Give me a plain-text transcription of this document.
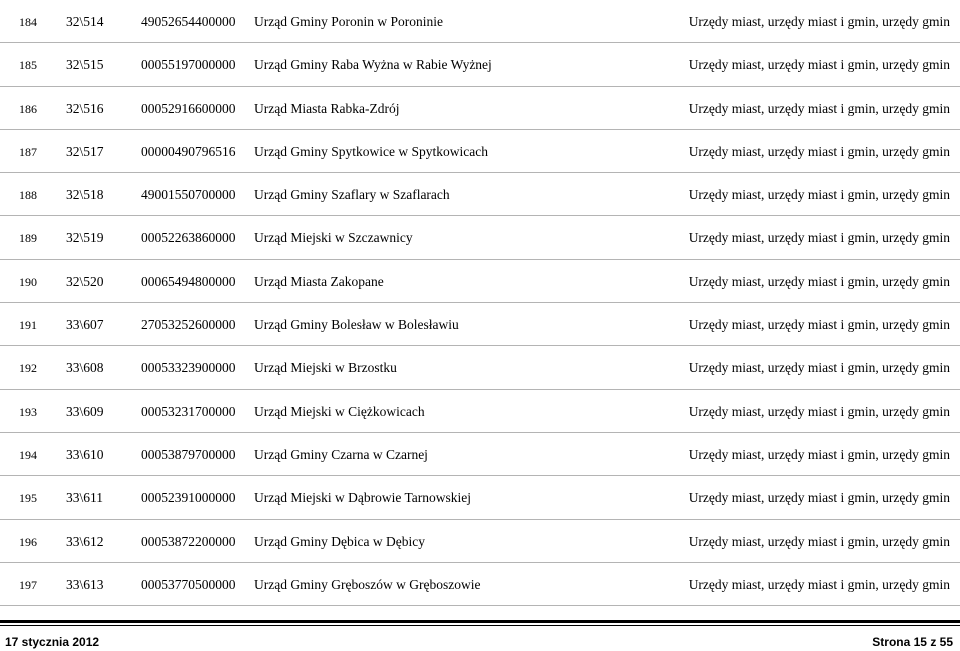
184 32\514	49052654400000 Urząd Gminy Poronin w Poroninie	Urzędy miast, urzędy miast i gmin, urzędy gmin
185 32\515	00055197000000 Urząd Gminy Raba Wyżna w Rabie Wyżnej	Urzędy miast, urzędy miast i gmin, urzędy gmin
186 32\516	00052916600000 Urząd Miasta Rabka-Zdrój	Urzędy miast, urzędy miast i gmin, urzędy gmin
187 32\517	00000490796516 Urząd Gminy Spytkowice w Spytkowicach	Urzędy miast, urzędy miast i gmin, urzędy gmin
188 32\518	49001550700000 Urząd Gminy Szaflary w Szaflarach	Urzędy miast, urzędy miast i gmin, urzędy gmin
189 32\519	00052263860000 Urząd Miejski w Szczawnicy	Urzędy miast, urzędy miast i gmin, urzędy gmin
190 32\520	00065494800000 Urząd Miasta Zakopane	Urzędy miast, urzędy miast i gmin, urzędy gmin
191 33\607	27053252600000 Urząd Gminy Bolesław w Bolesławiu	Urzędy miast, urzędy miast i gmin, urzędy gmin
192 33\608	00053323900000 Urząd Miejski w Brzostku	Urzędy miast, urzędy miast i gmin, urzędy gmin
193 33\609	00053231700000 Urząd Miejski w Ciężkowicach	Urzędy miast, urzędy miast i gmin, urzędy gmin
194 33\610	00053879700000 Urząd Gminy Czarna w Czarnej	Urzędy miast, urzędy miast i gmin, urzędy gmin
195 33\611	00052391000000 Urząd Miejski w Dąbrowie Tarnowskiej	Urzędy miast, urzędy miast i gmin, urzędy gmin
196 33\612	00053872200000 Urząd Gminy Dębica w Dębicy	Urzędy miast, urzędy miast i gmin, urzędy gmin
197 33\613	00053770500000 Urząd Gminy Gręboszów w Gręboszowie	Urzędy miast, urzędy miast i gmin, urzędy gmin
17 stycznia 2012	Strona 15 z 55
